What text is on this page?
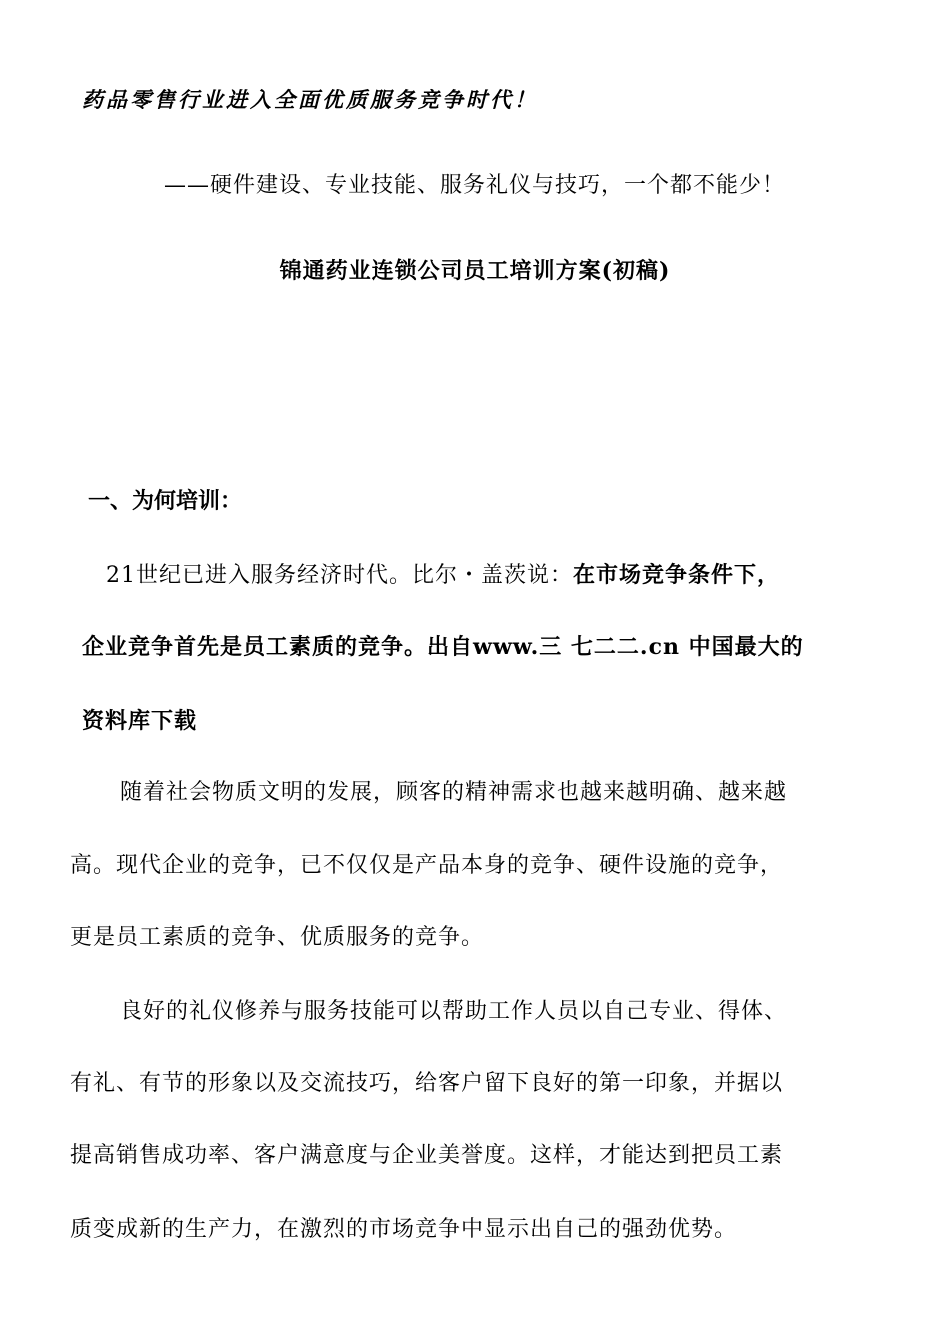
药品零售行业进入全面优质服务竞争时代！

——硬件建设、专业技能、服务礼仪与技巧，一个都不能少！

锦通药业连锁公司员工培训方案(初稿)

一、为何培训：

21世纪已进入服务经济时代。比尔・盖茨说：在市场竞争条件下，

企业竞争首先是员工素质的竞争。出自www.三 七二二.cn 中国最大的

资料库下载

随着社会物质文明的发展，顾客的精神需求也越来越明确、越来越

高。现代企业的竞争，已不仅仅是产品本身的竞争、硬件设施的竞争，

更是员工素质的竞争、优质服务的竞争。

良好的礼仪修养与服务技能可以帮助工作人员以自己专业、得体、

有礼、有节的形象以及交流技巧，给客户留下良好的第一印象，并据以

提高销售成功率、客户满意度与企业美誉度。这样，才能达到把员工素

质变成新的生产力，在激烈的市场竞争中显示出自己的强劲优势。
